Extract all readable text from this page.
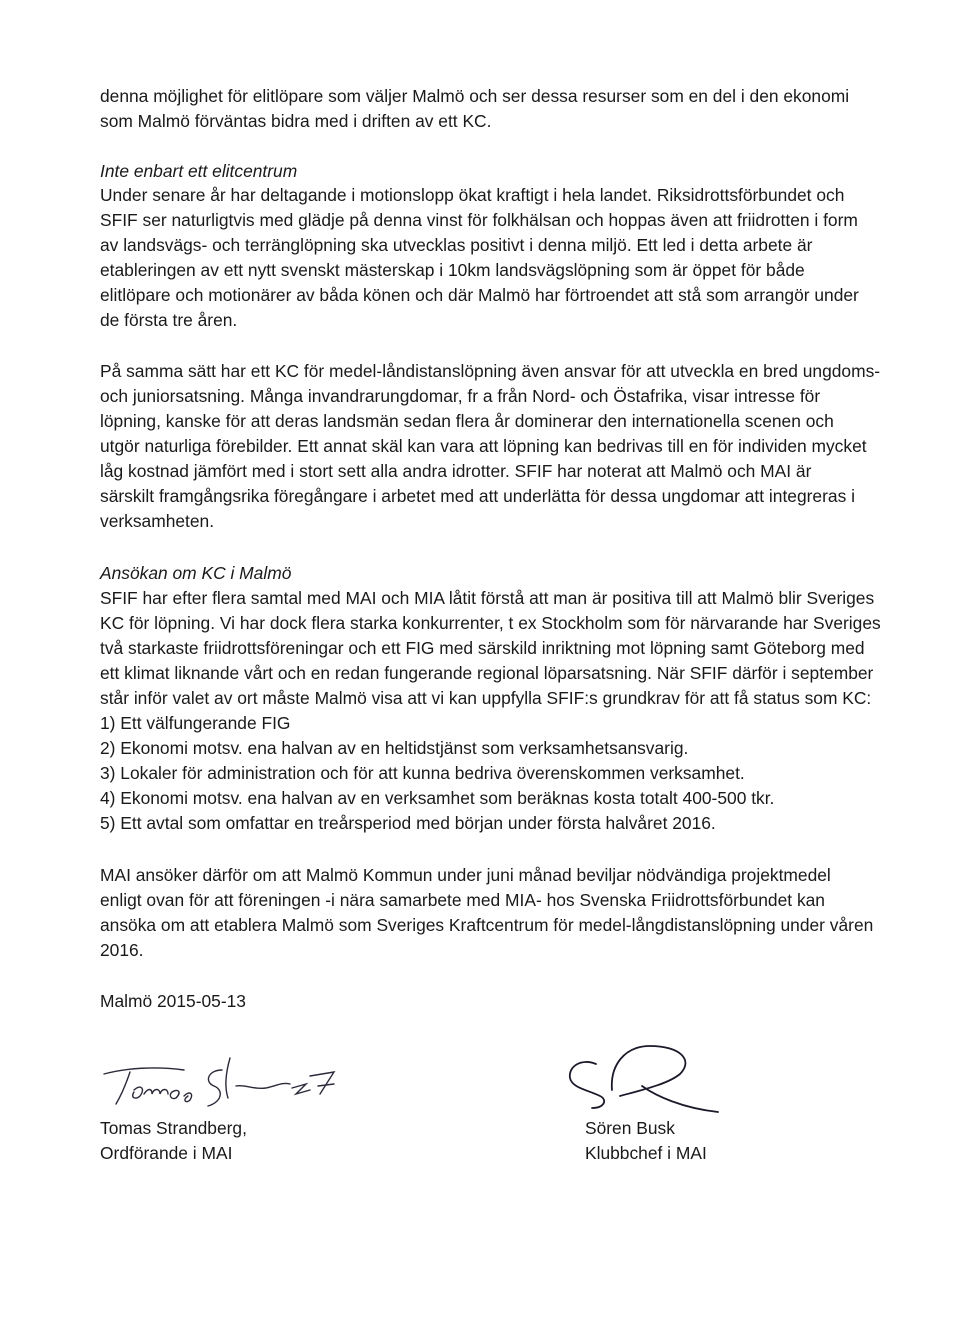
denna möjlighet för elitlöpare som väljer Malmö och ser dessa resurser som en del i den ekonomi
som Malmö förväntas bidra med i driften av ett KC.

Inte enbart ett elitcentrum

Under senare år har deltagande i motionslopp ökat kraftigt i hela landet. Riksidrottsförbundet och
SFIF ser naturligtvis med glädje på denna vinst för folkhälsan och hoppas även att friidrotten i form
av landsvägs- och terränglöpning ska utvecklas positivt i denna miljö. Ett led i detta arbete är
etableringen av ett nytt svenskt mästerskap i 10km landsvägslöpning som är öppet för både
elitlöpare och motionärer av båda könen och där Malmö har förtroendet att stå som arrangör under
de första tre åren.

På samma sätt har ett KC för medel-låndistanslöpning även ansvar för att utveckla en bred ungdoms-
och juniorsatsning. Många invandrarungdomar, fr a från Nord- och Östafrika, visar intresse för
löpning, kanske för att deras landsmän sedan flera år dominerar den internationella scenen och
utgör naturliga förebilder. Ett annat skäl kan vara att löpning kan bedrivas till en för individen mycket
låg kostnad jämfört med i stort sett alla andra idrotter. SFIF har noterat att Malmö och MAI är
särskilt framgångsrika föregångare i arbetet med att underlätta för dessa ungdomar att integreras i
verksamheten.

Ansökan om KC i Malmö

SFIF har efter flera samtal med MAI och MIA låtit förstå att man är positiva till att Malmö blir Sveriges
KC för löpning. Vi har dock flera starka konkurrenter, t ex Stockholm som för närvarande har Sveriges
två starkaste friidrottsföreningar och ett FIG med särskild inriktning mot löpning samt Göteborg med
ett klimat liknande vårt och en redan fungerande regional löparsatsning. När SFIF därför i september
står inför valet av ort måste Malmö visa att vi kan uppfylla SFIF:s grundkrav för att få status som KC:

1) Ett välfungerande FIG
2) Ekonomi motsv. ena halvan av en heltidstjänst som verksamhetsansvarig.
3) Lokaler för administration och för att kunna bedriva överenskommen verksamhet.
4) Ekonomi motsv. ena halvan av en verksamhet som beräknas kosta totalt 400-500 tkr.
5) Ett avtal som omfattar en treårsperiod med början under första halvåret 2016.

MAI ansöker därför om att Malmö Kommun under juni månad beviljar nödvändiga projektmedel
enligt ovan för att föreningen -i nära samarbete med MIA- hos Svenska Friidrottsförbundet kan
ansöka om att etablera Malmö som Sveriges Kraftcentrum för medel-långdistanslöpning under våren
2016.

Malmö 2015-05-13

Tomas Strandberg,
Ordförande i MAI
Sören Busk
Klubbchef i MAI
